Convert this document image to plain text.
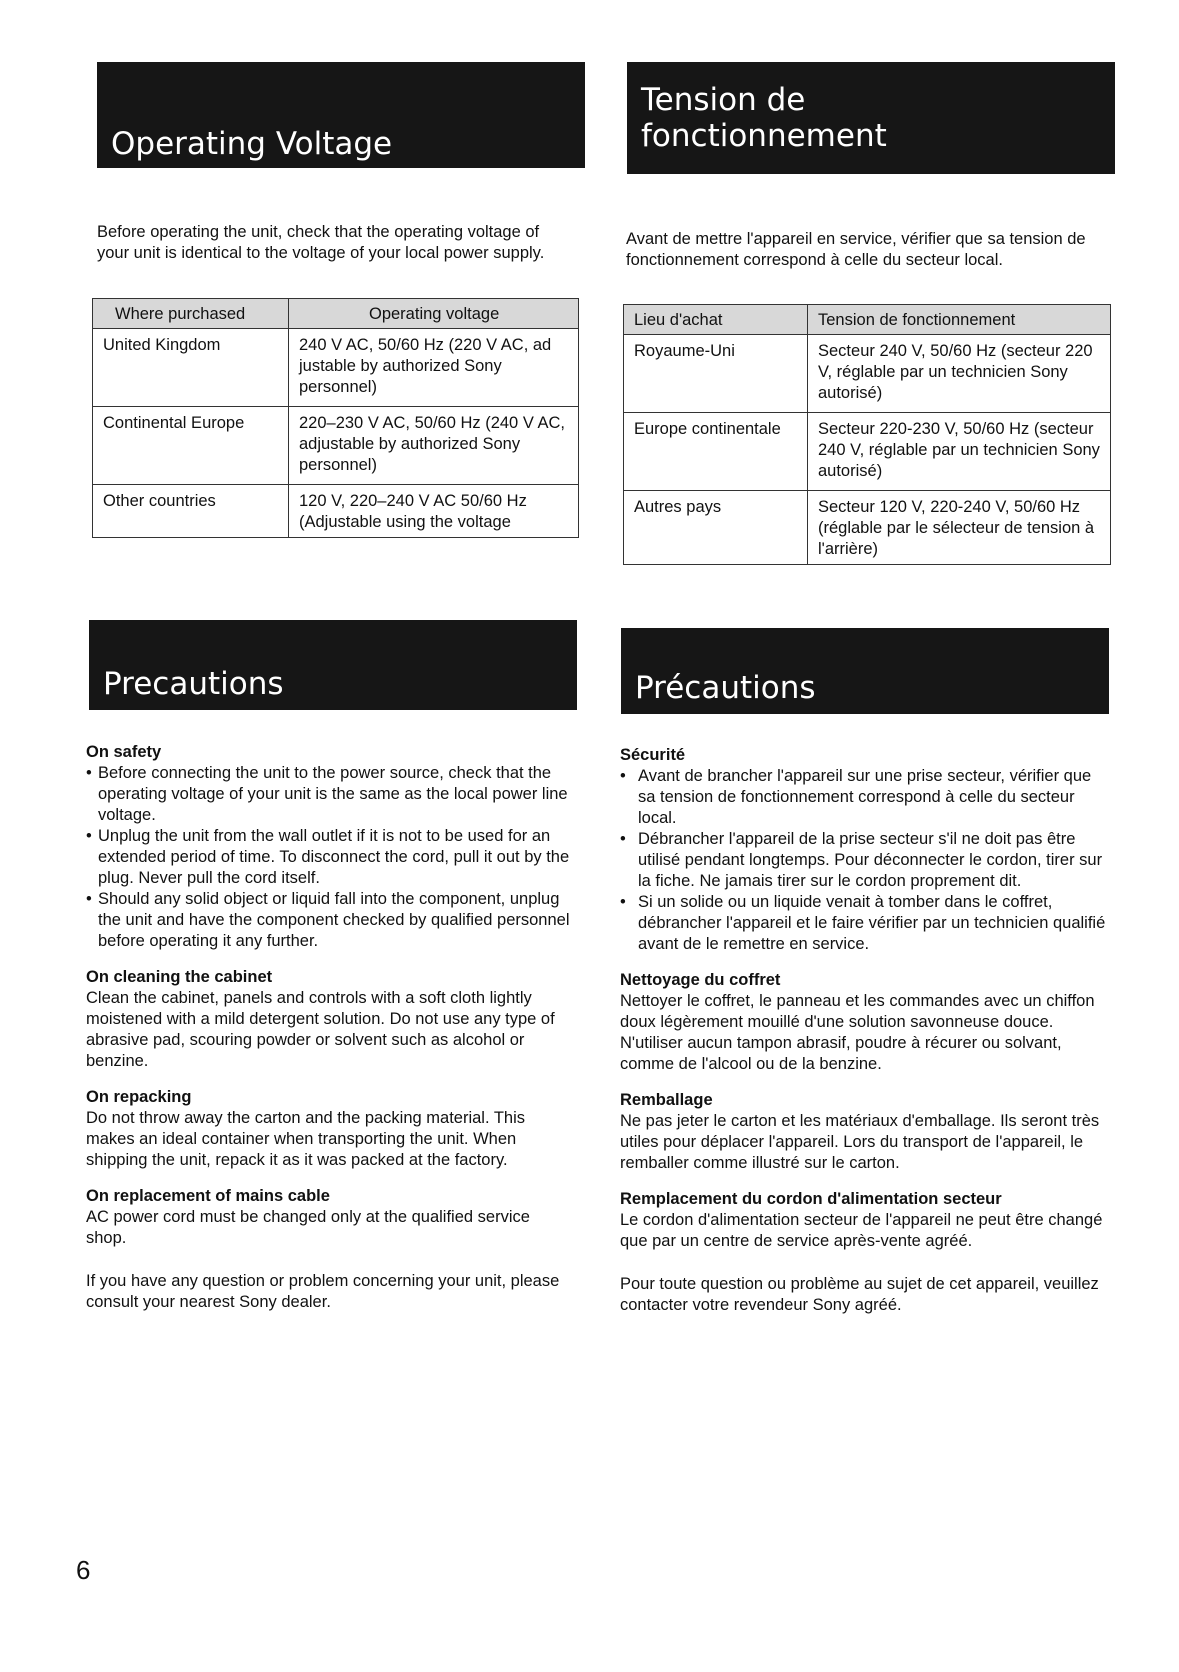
Operating Voltage

Before operating the unit, check that the operating voltage of your unit is identical to the voltage of your local power supply.

Where purchased	Operating voltage
United Kingdom	240 V AC, 50/60 Hz (220 V AC, ad justable by authorized Sony personnel)
Continental Europe	220–230 V AC, 50/60 Hz (240 V AC, adjustable by authorized Sony personnel)
Other countries	120 V, 220–240 V AC 50/60 Hz (Adjustable using the voltage
Precautions
On safety
• Before connecting the unit to the power source, check that the operating voltage of your unit is the same as the local power line voltage.
• Unplug the unit from the wall outlet if it is not to be used for an extended period of time. To disconnect the cord, pull it out by the plug. Never pull the cord itself.
• Should any solid object or liquid fall into the component, unplug the unit and have the component checked by qualified personnel before operating it any further.
On cleaning the cabinet

Clean the cabinet, panels and controls with a soft cloth lightly moistened with a mild detergent solution. Do not use any type of abrasive pad, scouring powder or solvent such as alcohol or benzine.

On repacking

Do not throw away the carton and the packing material. This makes an ideal container when transporting the unit. When shipping the unit, repack it as it was packed at the factory.

On replacement of mains cable

AC power cord must be changed only at the qualified service shop.

If you have any question or problem concerning your unit, please consult your nearest Sony dealer.

Tension de
fonctionnement

Avant de mettre l'appareil en service, vérifier que sa tension de fonctionnement correspond à celle du secteur local.

Lieu d'achat	Tension de fonctionnement
Royaume-Uni	Secteur 240 V, 50/60 Hz (secteur 220 V, réglable par un technicien Sony autorisé)
Europe continentale	Secteur 220-230 V, 50/60 Hz (secteur 240 V, réglable par un technicien Sony autorisé)
Autres pays	Secteur 120 V, 220-240 V, 50/60 Hz (réglable par le sélecteur de tension à l'arrière)
Précautions
Sécurité
• Avant de brancher l'appareil sur une prise secteur, vérifier que sa tension de fonctionnement correspond à celle du secteur local.
• Débrancher l'appareil de la prise secteur s'il ne doit pas être utilisé pendant longtemps. Pour déconnecter le cordon, tirer sur la fiche. Ne jamais tirer sur le cordon proprement dit.
• Si un solide ou un liquide venait à tomber dans le coffret, débrancher l'appareil et le faire vérifier par un technicien qualifié avant de le remettre en service.
Nettoyage du coffret

Nettoyer le coffret, le panneau et les commandes avec un chiffon doux légèrement mouillé d'une solution savonneuse douce. N'utiliser aucun tampon abrasif, poudre à récurer ou solvant, comme de l'alcool ou de la benzine.

Remballage

Ne pas jeter le carton et les matériaux d'emballage. Ils seront très utiles pour déplacer l'appareil. Lors du transport de l'appareil, le remballer comme illustré sur le carton.

Remplacement du cordon d'alimentation secteur

Le cordon d'alimentation secteur de l'appareil ne peut être changé que par un centre de service après-vente agréé.

Pour toute question ou problème au sujet de cet appareil, veuillez contacter votre revendeur Sony agréé.

6
